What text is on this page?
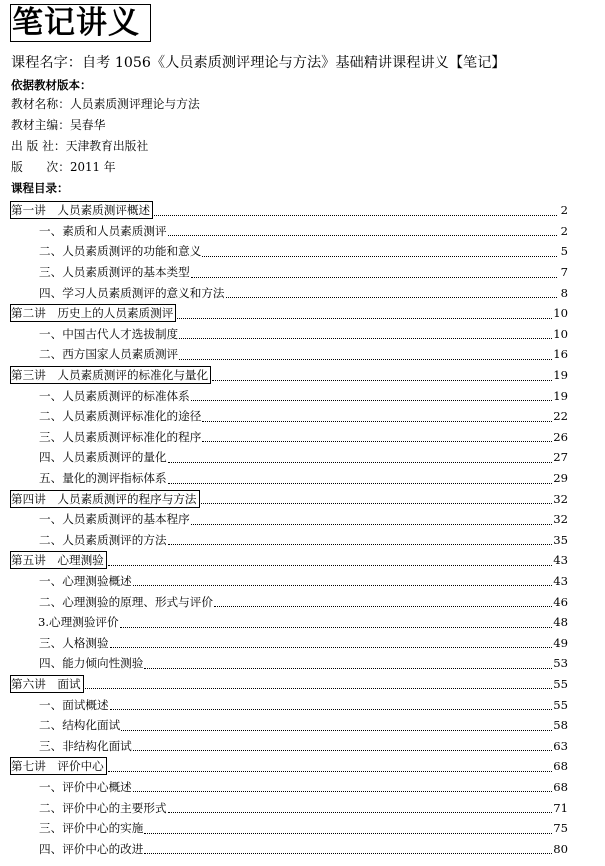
笔记讲义
课程名字：自考 1056《人员素质测评理论与方法》基础精讲课程讲义【笔记】
依据教材版本：
教材名称：人员素质测评理论与方法
教材主编：吴春华
出 版 社：天津教育出版社
版　　次：2011 年
课程目录：
第一讲　人员素质测评概述	2
一、素质和人员素质测评	2
二、人员素质测评的功能和意义	5
三、人员素质测评的基本类型	7
四、学习人员素质测评的意义和方法	8
第二讲　历史上的人员素质测评	10
一、中国古代人才选拔制度	10
二、西方国家人员素质测评	16
第三讲　人员素质测评的标准化与量化	19
一、人员素质测评的标准体系	19
二、人员素质测评标准化的途径	22
三、人员素质测评标准化的程序	26
四、人员素质测评的量化	27
五、量化的测评指标体系	29
第四讲　人员素质测评的程序与方法	32
一、人员素质测评的基本程序	32
二、人员素质测评的方法	35
第五讲　心理测验	43
一、心理测验概述	43
二、心理测验的原理、形式与评价	46
3.心理测验评价	48
三、人格测验	49
四、能力倾向性测验	53
第六讲　面试	55
一、面试概述	55
二、结构化面试	58
三、非结构化面试	63
第七讲　评价中心	68
一、评价中心概述	68
二、评价中心的主要形式	71
三、评价中心的实施	75
四、评价中心的改进	80
